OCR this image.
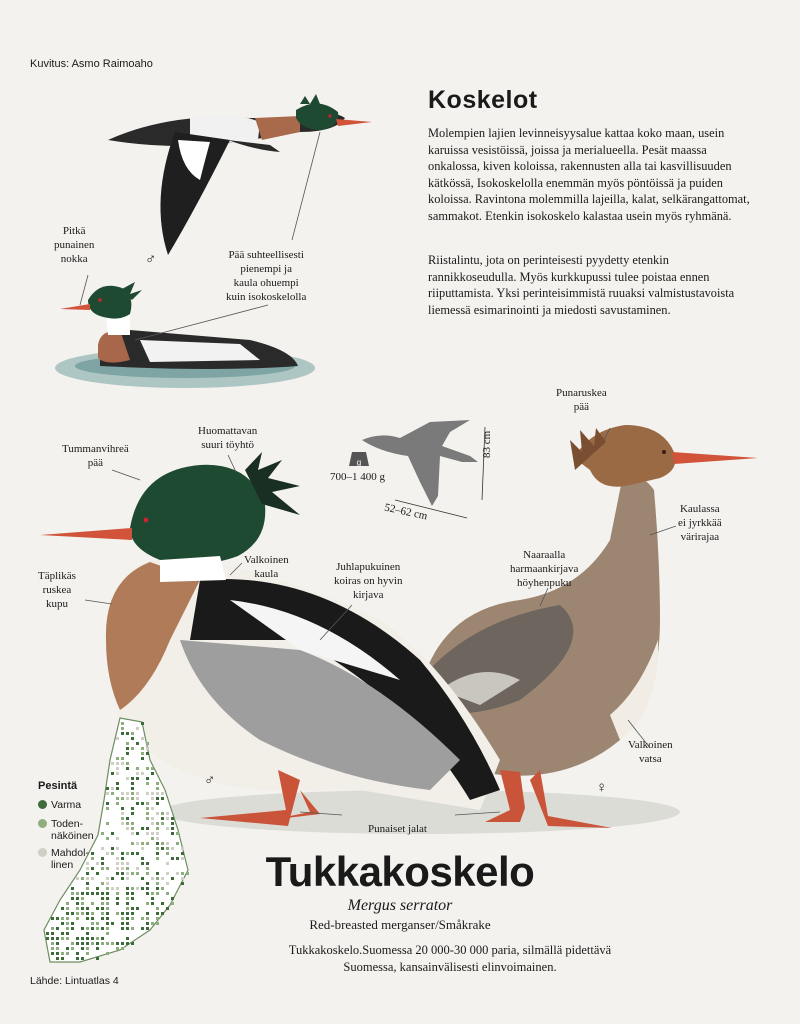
g
Kuvitus: Asmo Raimoaho
Koskelot
Molempien lajien levinneisyysalue kattaa koko maan, usein karuissa vesistöissä, joissa ja merialueella. Pesät maassa onkalossa, kiven koloissa, rakennusten alla tai kasvillisuuden kätkössä, Isokoskelolla enemmän myös pöntöissä ja puiden koloissa. Ravintona molemmilla lajeilla, kalat, selkärangattomat, sammakot. Etenkin isokoskelo kalastaa usein myös ryhmänä.
Riistalintu, jota on perinteisesti pyydetty etenkin rannikkoseudulla. Myös kurkkupussi tulee poistaa ennen riiputtamista. Yksi perinteisimmistä ruuaksi valmistustavoista liemessä esimarinointi ja miedosti savustaminen.
Pitkä
punainen
nokka	Pää suhteellisesti
pienempi ja
kaula ohuempi
kuin isokoskelolla
♂
Tummanvihreä
pää
Huomattavan
suuri töyhtö
Valkoinen
kaula
Täplikäs
ruskea
kupu
Juhlapukuinen
koiras on hyvin
kirjava
Punaruskea
pää
Kaulassa
ei jyrkkää
värirajaa
Naaraalla
harmaankirjava
höyhenpuku
Valkoinen
vatsa
Punaiset jalat
♂	♀
700–1 400 g
83 cm
52–62 cm
Tukkakoskelo
Mergus serrator
Red-breasted merganser/Småkrake
Tukkakoskelo.Suomessa 20 000-30 000 paria, silmällä pidettävä Suomessa, kansainvälisesti elinvoimainen.
Pesintä
Varma
Toden-
näköinen
Mahdol-
linen
Lähde: Lintuatlas 4
